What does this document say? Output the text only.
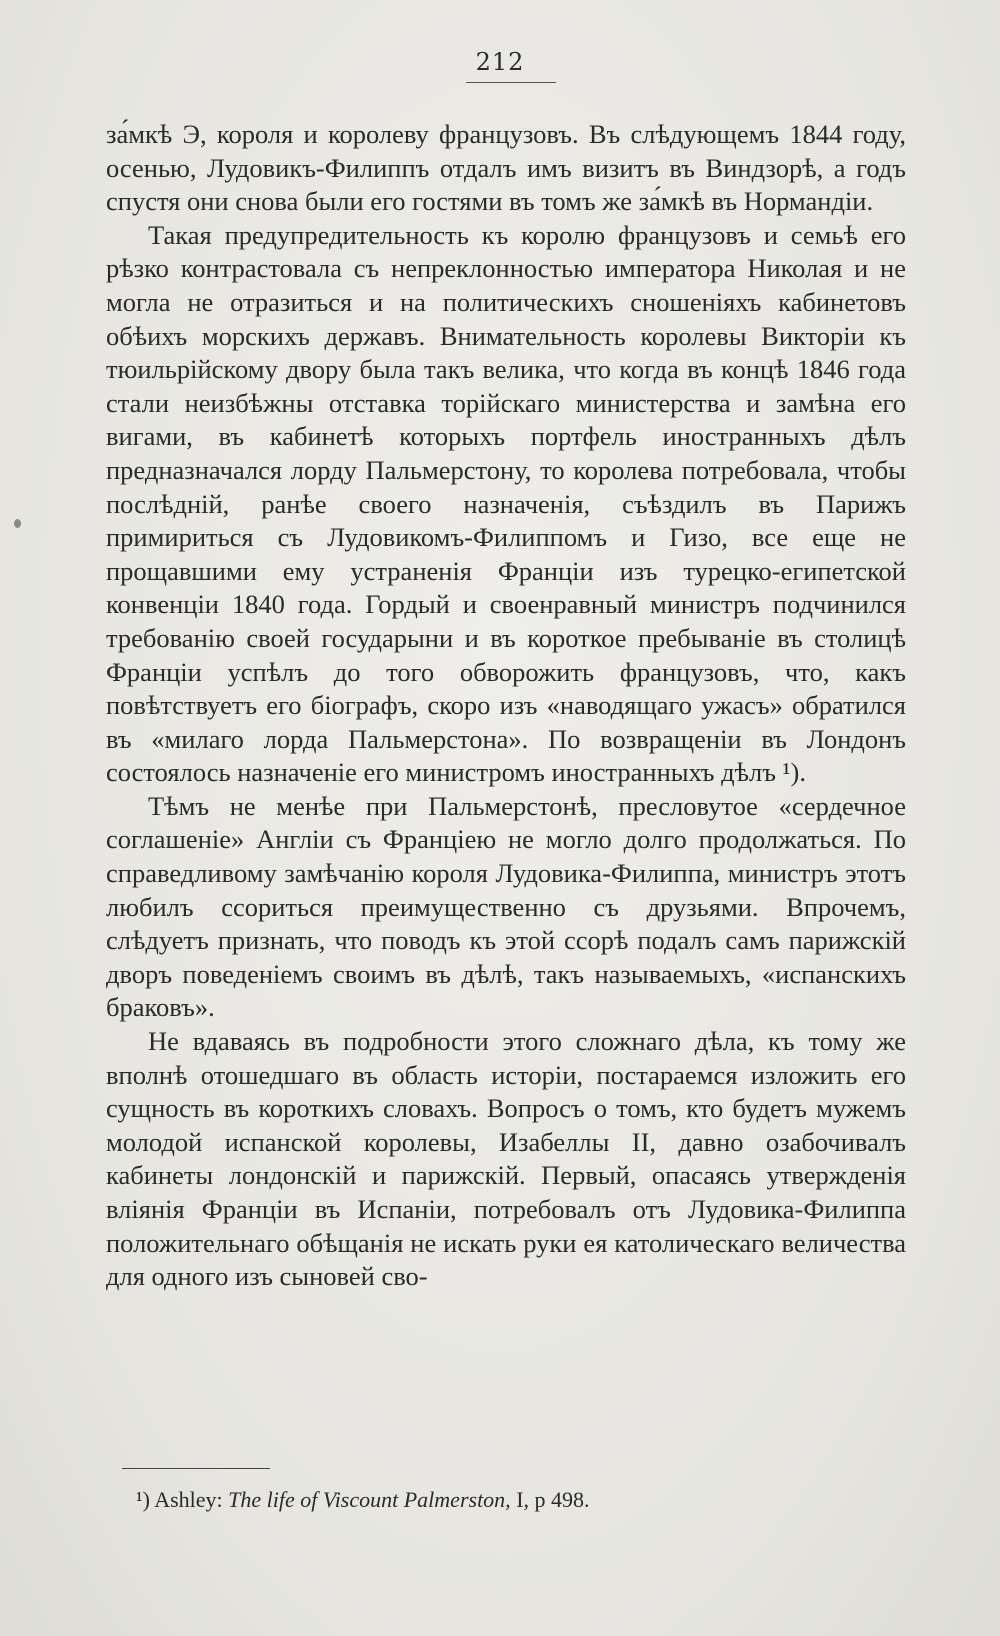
212

за́мкѣ Э, короля и королеву французовъ. Въ слѣдующемъ 1844 году, осенью, Лудовикъ-Филиппъ отдалъ имъ визитъ въ Виндзорѣ, а годъ спустя они снова были его гостями въ томъ же за́мкѣ въ Нормандіи.

Такая предупредительность къ королю французовъ и семьѣ его рѣзко контрастовала съ непреклонностью императора Николая и не могла не отразиться и на политическихъ сношеніяхъ кабинетовъ обѣихъ морскихъ державъ. Внимательность королевы Викторіи къ тюильрійскому двору была такъ велика, что когда въ концѣ 1846 года стали неизбѣжны отставка торійскаго министерства и замѣна его вигами, въ кабинетѣ которыхъ портфель иностранныхъ дѣлъ предназначался лорду Пальмерстону, то королева потребовала, чтобы послѣдній, ранѣе своего назначенія, съѣздилъ въ Парижъ примириться съ Лудовикомъ-Филиппомъ и Гизо, все еще не прощавшими ему устраненія Франціи изъ турецко-египетской конвенціи 1840 года. Гордый и своенравный министръ подчинился требованію своей государыни и въ короткое пребываніе въ столицѣ Франціи успѣлъ до того обворожить французовъ, что, какъ повѣтствуетъ его біографъ, скоро изъ «наводящаго ужасъ» обратился въ «милаго лорда Пальмерстона». По возвращеніи въ Лондонъ состоялось назначеніе его министромъ иностранныхъ дѣлъ ¹).

Тѣмъ не менѣе при Пальмерстонѣ, пресловутое «сердечное соглашеніе» Англіи съ Франціею не могло долго продолжаться. По справедливому замѣчанію короля Лудовика-Филиппа, министръ этотъ любилъ ссориться преимущественно съ друзьями. Впрочемъ, слѣдуетъ признать, что поводъ къ этой ссорѣ подалъ самъ парижскій дворъ поведеніемъ своимъ въ дѣлѣ, такъ называемыхъ, «испанскихъ браковъ».

Не вдаваясь въ подробности этого сложнаго дѣла, къ тому же вполнѣ отошедшаго въ область исторіи, постараемся изложить его сущность въ короткихъ словахъ. Вопросъ о томъ, кто будетъ мужемъ молодой испанской королевы, Изабеллы II, давно озабочивалъ кабинеты лондонскій и парижскій. Первый, опасаясь утвержденія вліянія Франціи въ Испаніи, потребовалъ отъ Лудовика-Филиппа положительнаго обѣщанія не искать руки ея католическаго величества для одного изъ сыновей сво-

¹) Ashley: The life of Viscount Palmerston, I, p 498.
